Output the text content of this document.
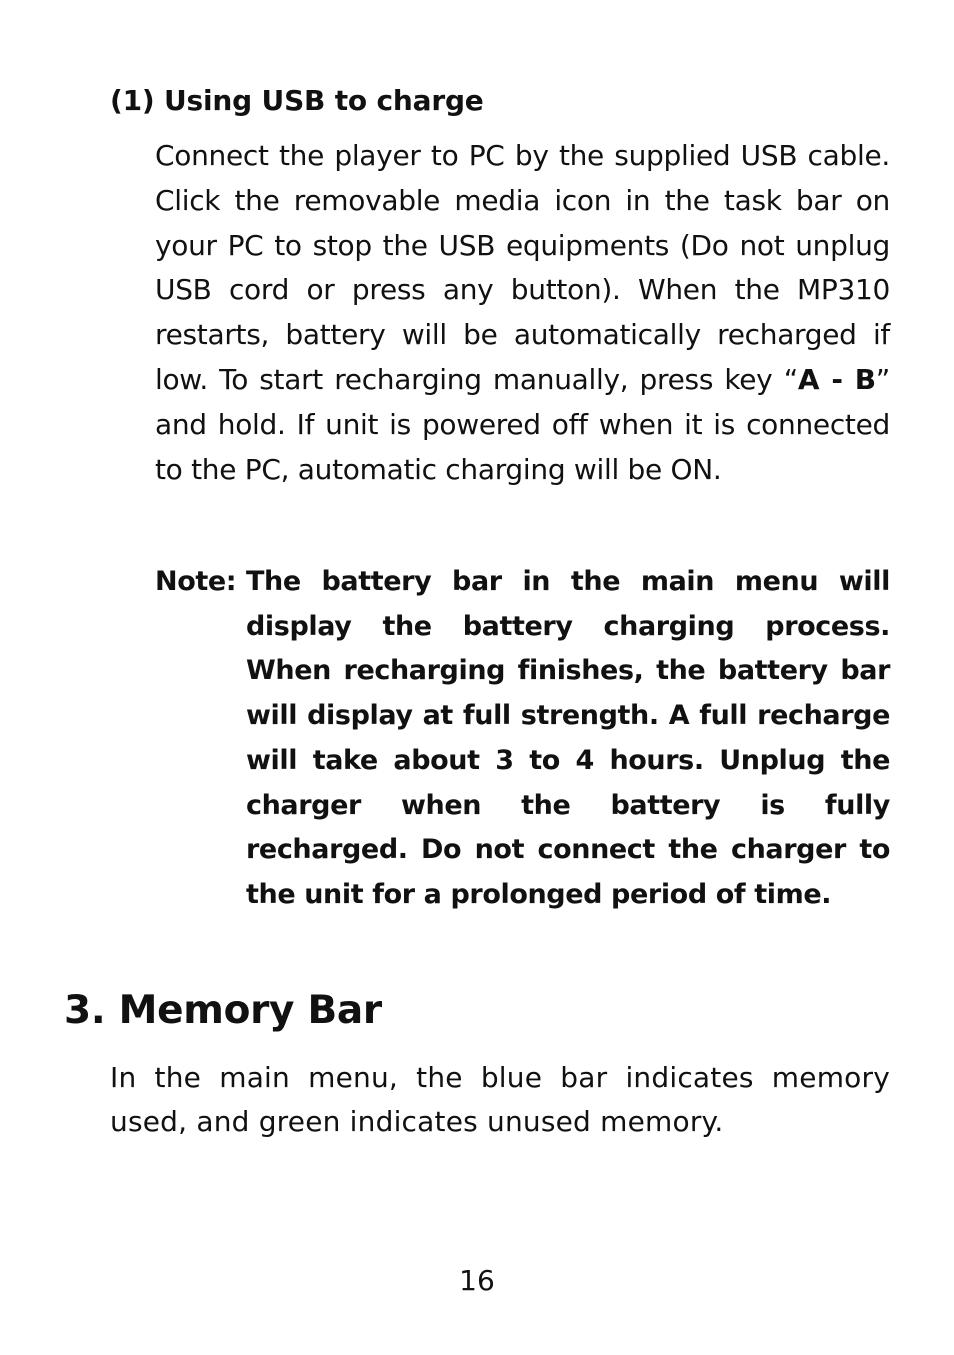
(1) Using USB to charge

Connect the player to PC by the supplied USB cable. Click the removable media icon in the task bar on your PC to stop the USB equipments (Do not unplug USB cord or press any button). When the MP310 restarts, battery will be automatically recharged if low. To start recharging manually, press key “A - B” and hold. If unit is powered off when it is connected to the PC, automatic charging will be ON.

Note: The battery bar in the main menu will display the battery charging process. When recharging finishes, the battery bar will display at full strength. A full recharge will take about 3 to 4 hours. Unplug the charger when the battery is fully recharged. Do not connect the charger to the unit for a prolonged period of time.

3. Memory Bar

In the main menu, the blue bar indicates memory used, and green indicates unused memory.

16
